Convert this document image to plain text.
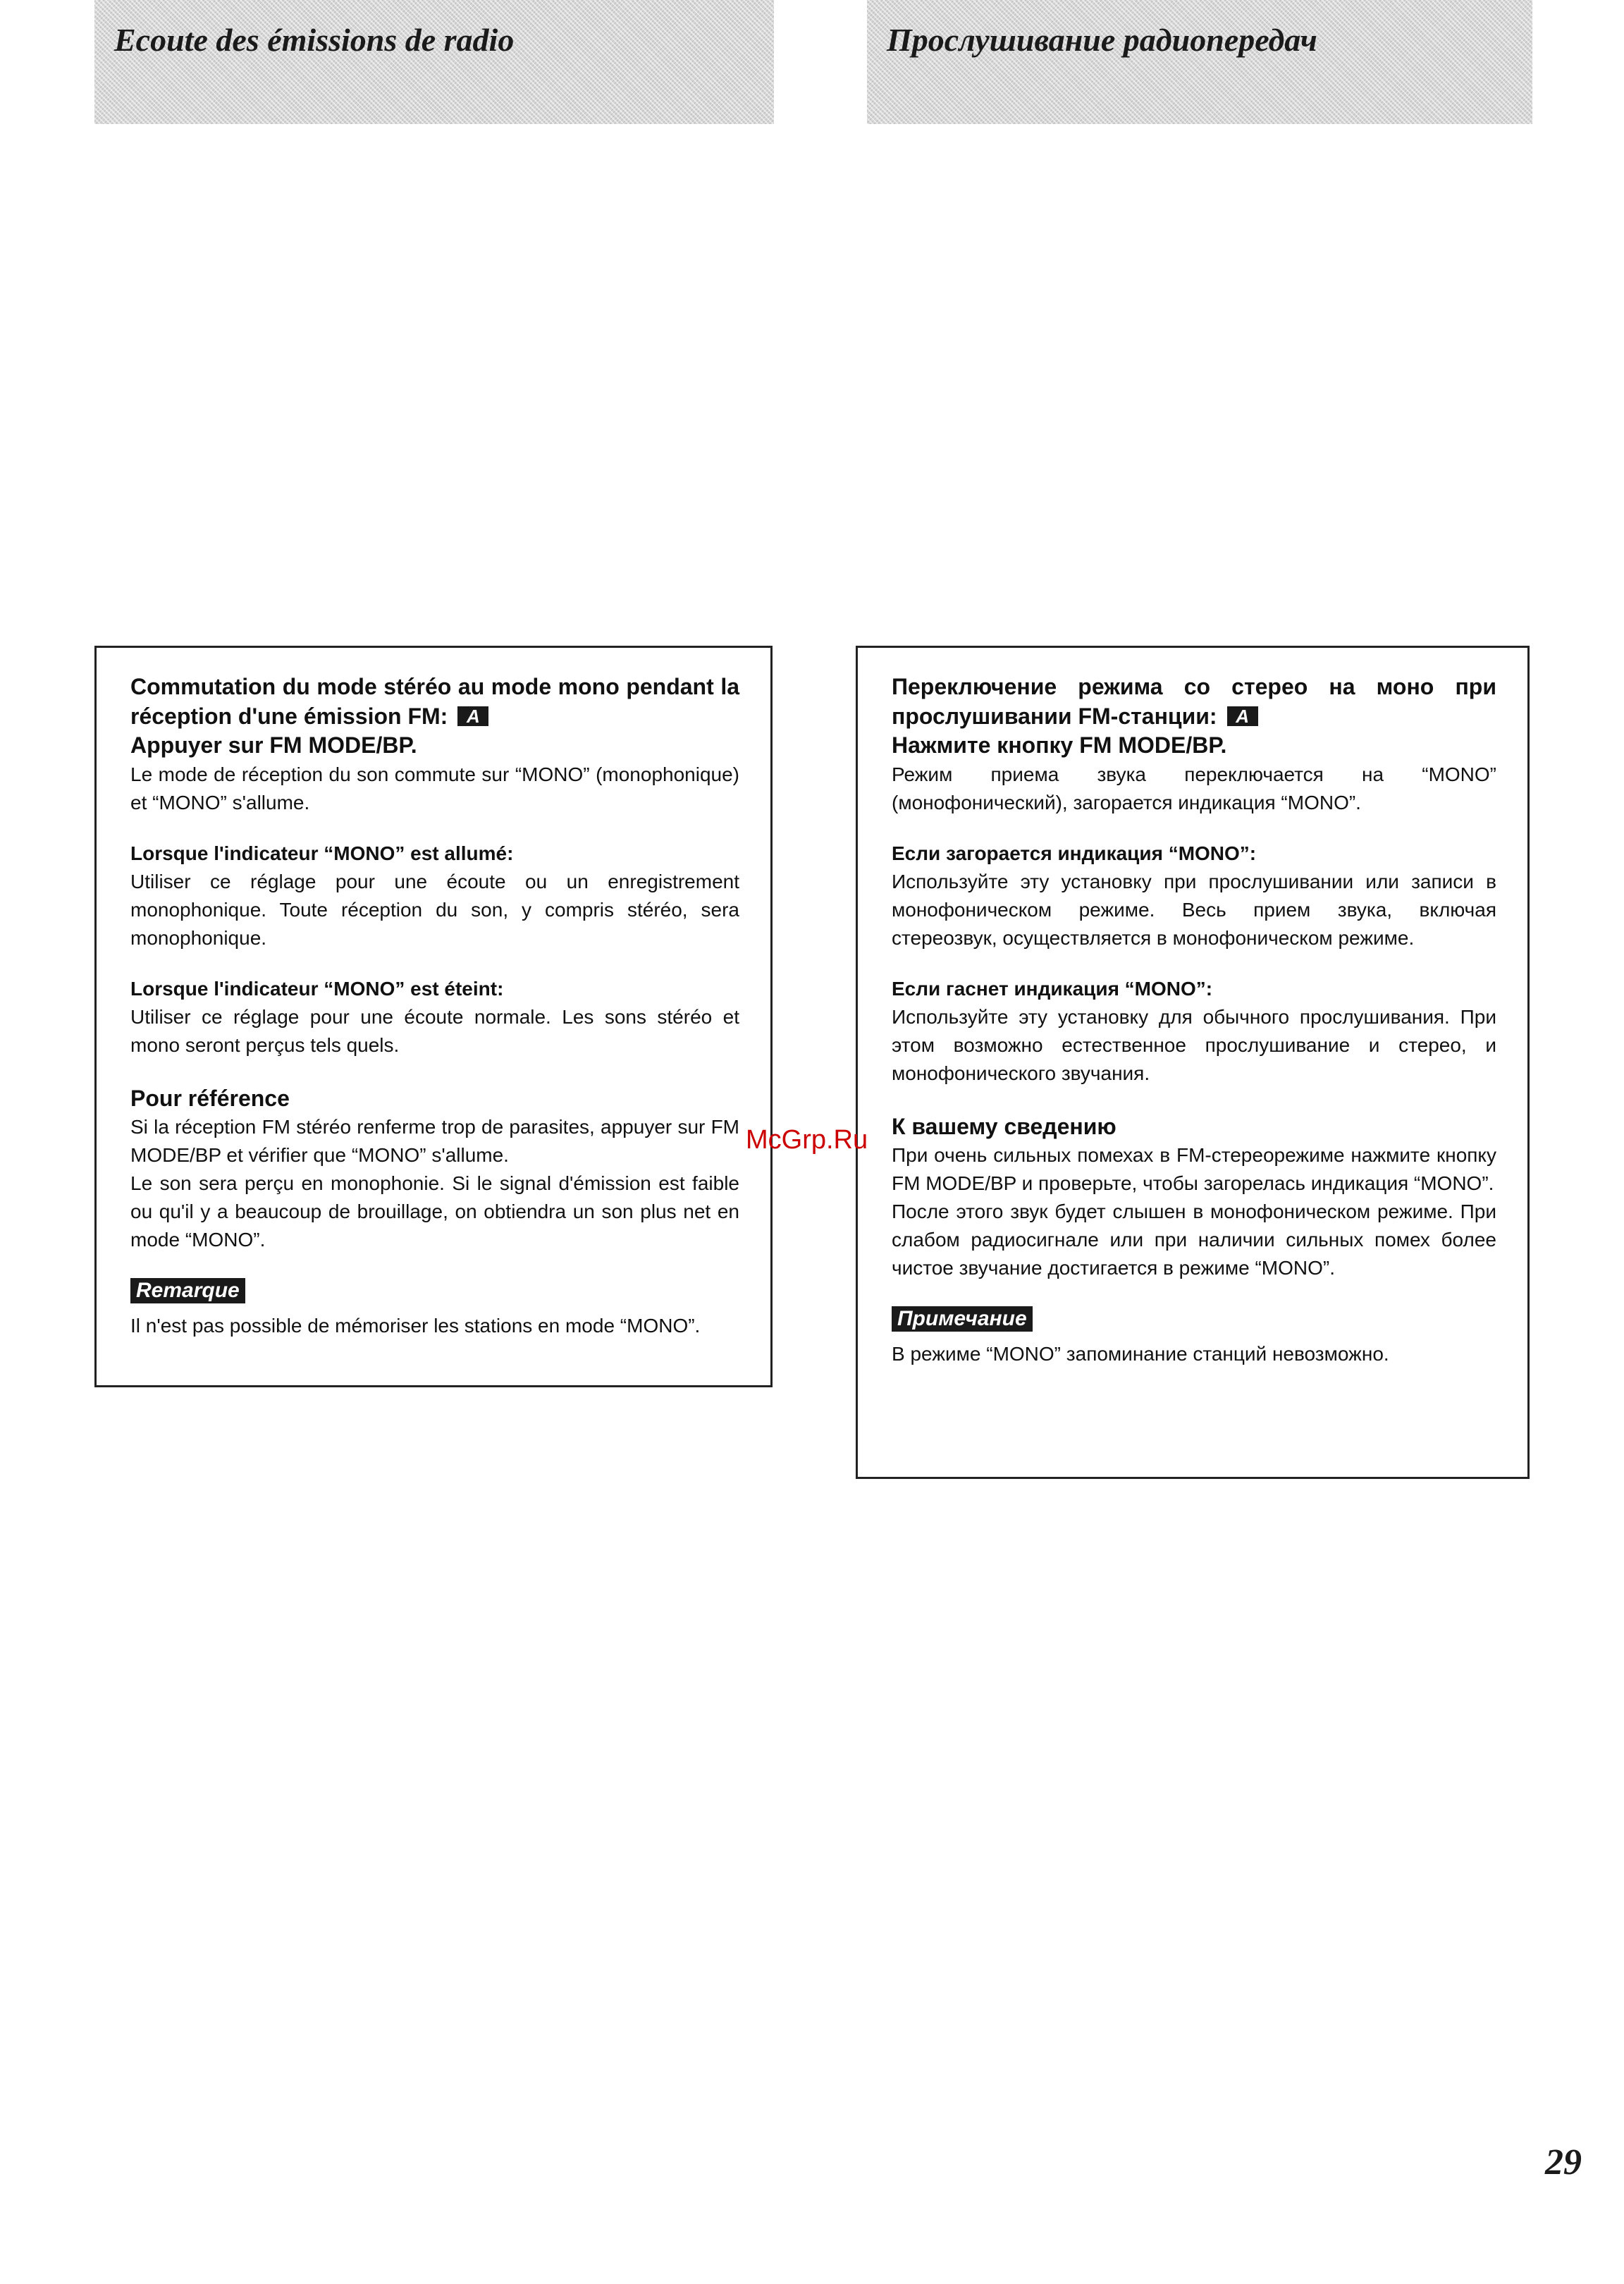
Ecoute des émissions de radio	Прослушивание радиопередач
Commutation du mode stéréo au mode mono pendant la réception d'une émission FM: A
Appuyer sur FM MODE/BP.

Le mode de réception du son commute sur “MONO” (monophonique) et “MONO” s'allume.

Lorsque l'indicateur “MONO” est allumé:

Utiliser ce réglage pour une écoute ou un enregistrement monophonique. Toute réception du son, y compris stéréo, sera monophonique.

Lorsque l'indicateur “MONO” est éteint:

Utiliser ce réglage pour une écoute normale. Les sons stéréo et mono seront perçus tels quels.

Pour référence

Si la réception FM stéréo renferme trop de parasites, appuyer sur FM MODE/BP et vérifier que “MONO” s'allume.

Le son sera perçu en monophonie. Si le signal d'émission est faible ou qu'il y a beaucoup de brouillage, on obtiendra un son plus net en mode “MONO”.

Remarque

Il n'est pas possible de mémoriser les stations en mode “MONO”.

Переключение режима со стерео на моно при прослушивании FM-станции: A
Нажмите кнопку FM MODE/BP.

Режим приема звука переключается на “MONO” (монофонический), загорается индикация “MONO”.

Если загорается индикация “MONO”:

Используйте эту установку при прослушивании или записи в монофоническом режиме. Весь прием звука, включая стереозвук, осуществляется в монофоническом режиме.

Если гаснет индикация “MONO”:

Используйте эту установку для обычного прослушивания. При этом возможно естественное прослушивание и стерео, и монофонического звучания.

К вашему сведению

При очень сильных помехах в FM-стереорежиме нажмите кнопку FM MODE/BP и проверьте, чтобы загорелась индикация “MONO”.

После этого звук будет слышен в монофоническом режиме. При слабом радиосигнале или при наличии сильных помех более чистое звучание достигается в режиме “MONO”.

Примечание

В режиме “MONO” запоминание станций невозможно.

McGrp.Ru
29
